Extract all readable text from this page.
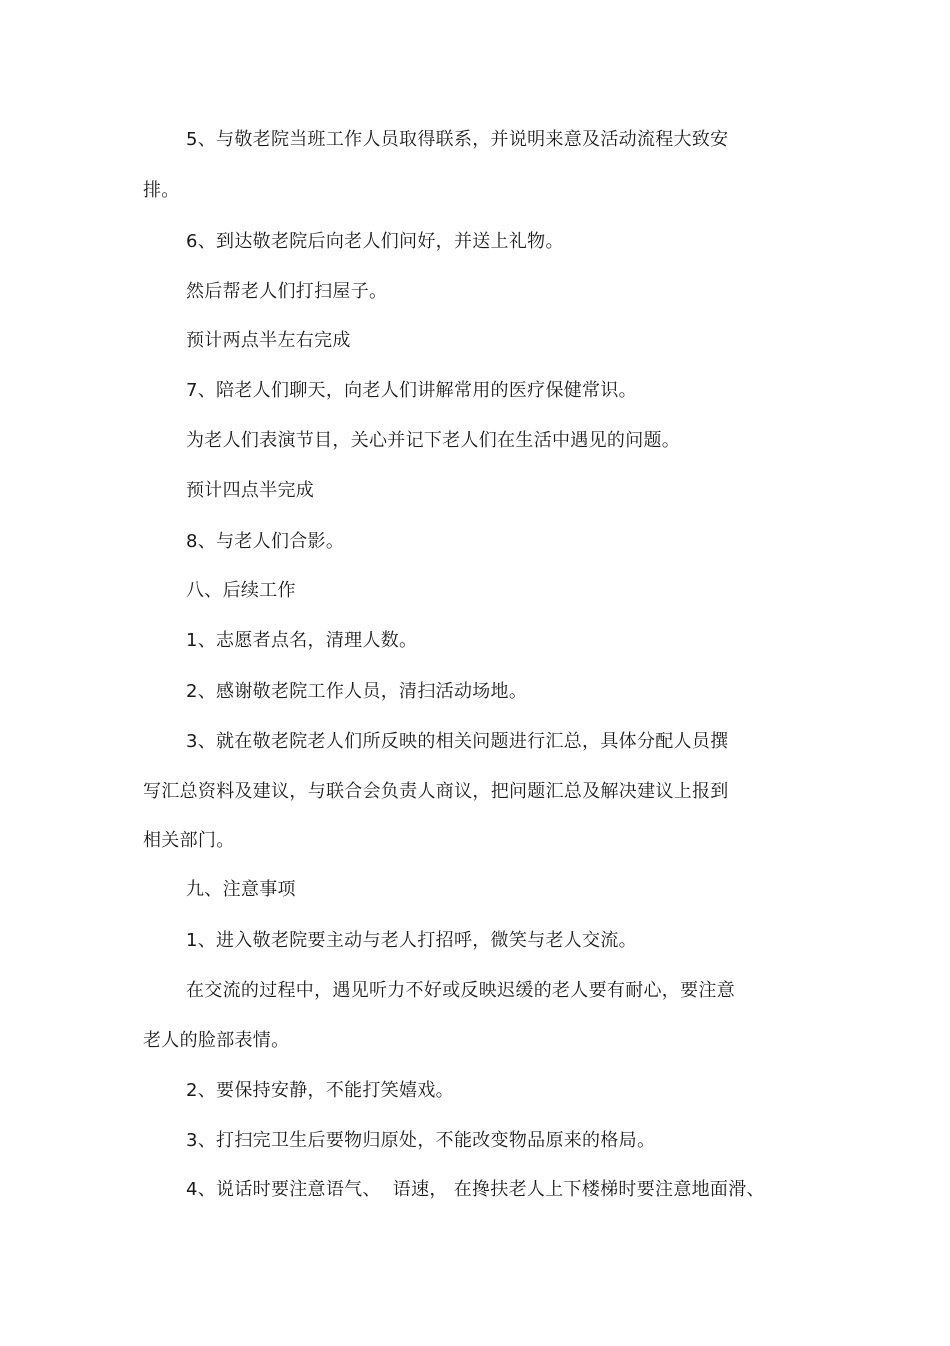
5、与敬老院当班工作人员取得联系，并说明来意及活动流程大致安
排。
6、到达敬老院后向老人们问好，并送上礼物。
然后帮老人们打扫屋子。
预计两点半左右完成
7、陪老人们聊天，向老人们讲解常用的医疗保健常识。
为老人们表演节目，关心并记下老人们在生活中遇见的问题。
预计四点半完成
8、与老人们合影。
八、后续工作
1、志愿者点名，清理人数。
2、感谢敬老院工作人员，清扫活动场地。
3、就在敬老院老人们所反映的相关问题进行汇总，具体分配人员撰
写汇总资料及建议，与联合会负责人商议，把问题汇总及解决建议上报到
相关部门。
九、注意事项
1、进入敬老院要主动与老人打招呼，微笑与老人交流。
在交流的过程中，遇见听力不好或反映迟缓的老人要有耐心，要注意
老人的脸部表情。
2、要保持安静，不能打笑嬉戏。
3、打扫完卫生后要物归原处，不能改变物品原来的格局。
4、说话时要注意语气、  语速， 在搀扶老人上下楼梯时要注意地面滑、
